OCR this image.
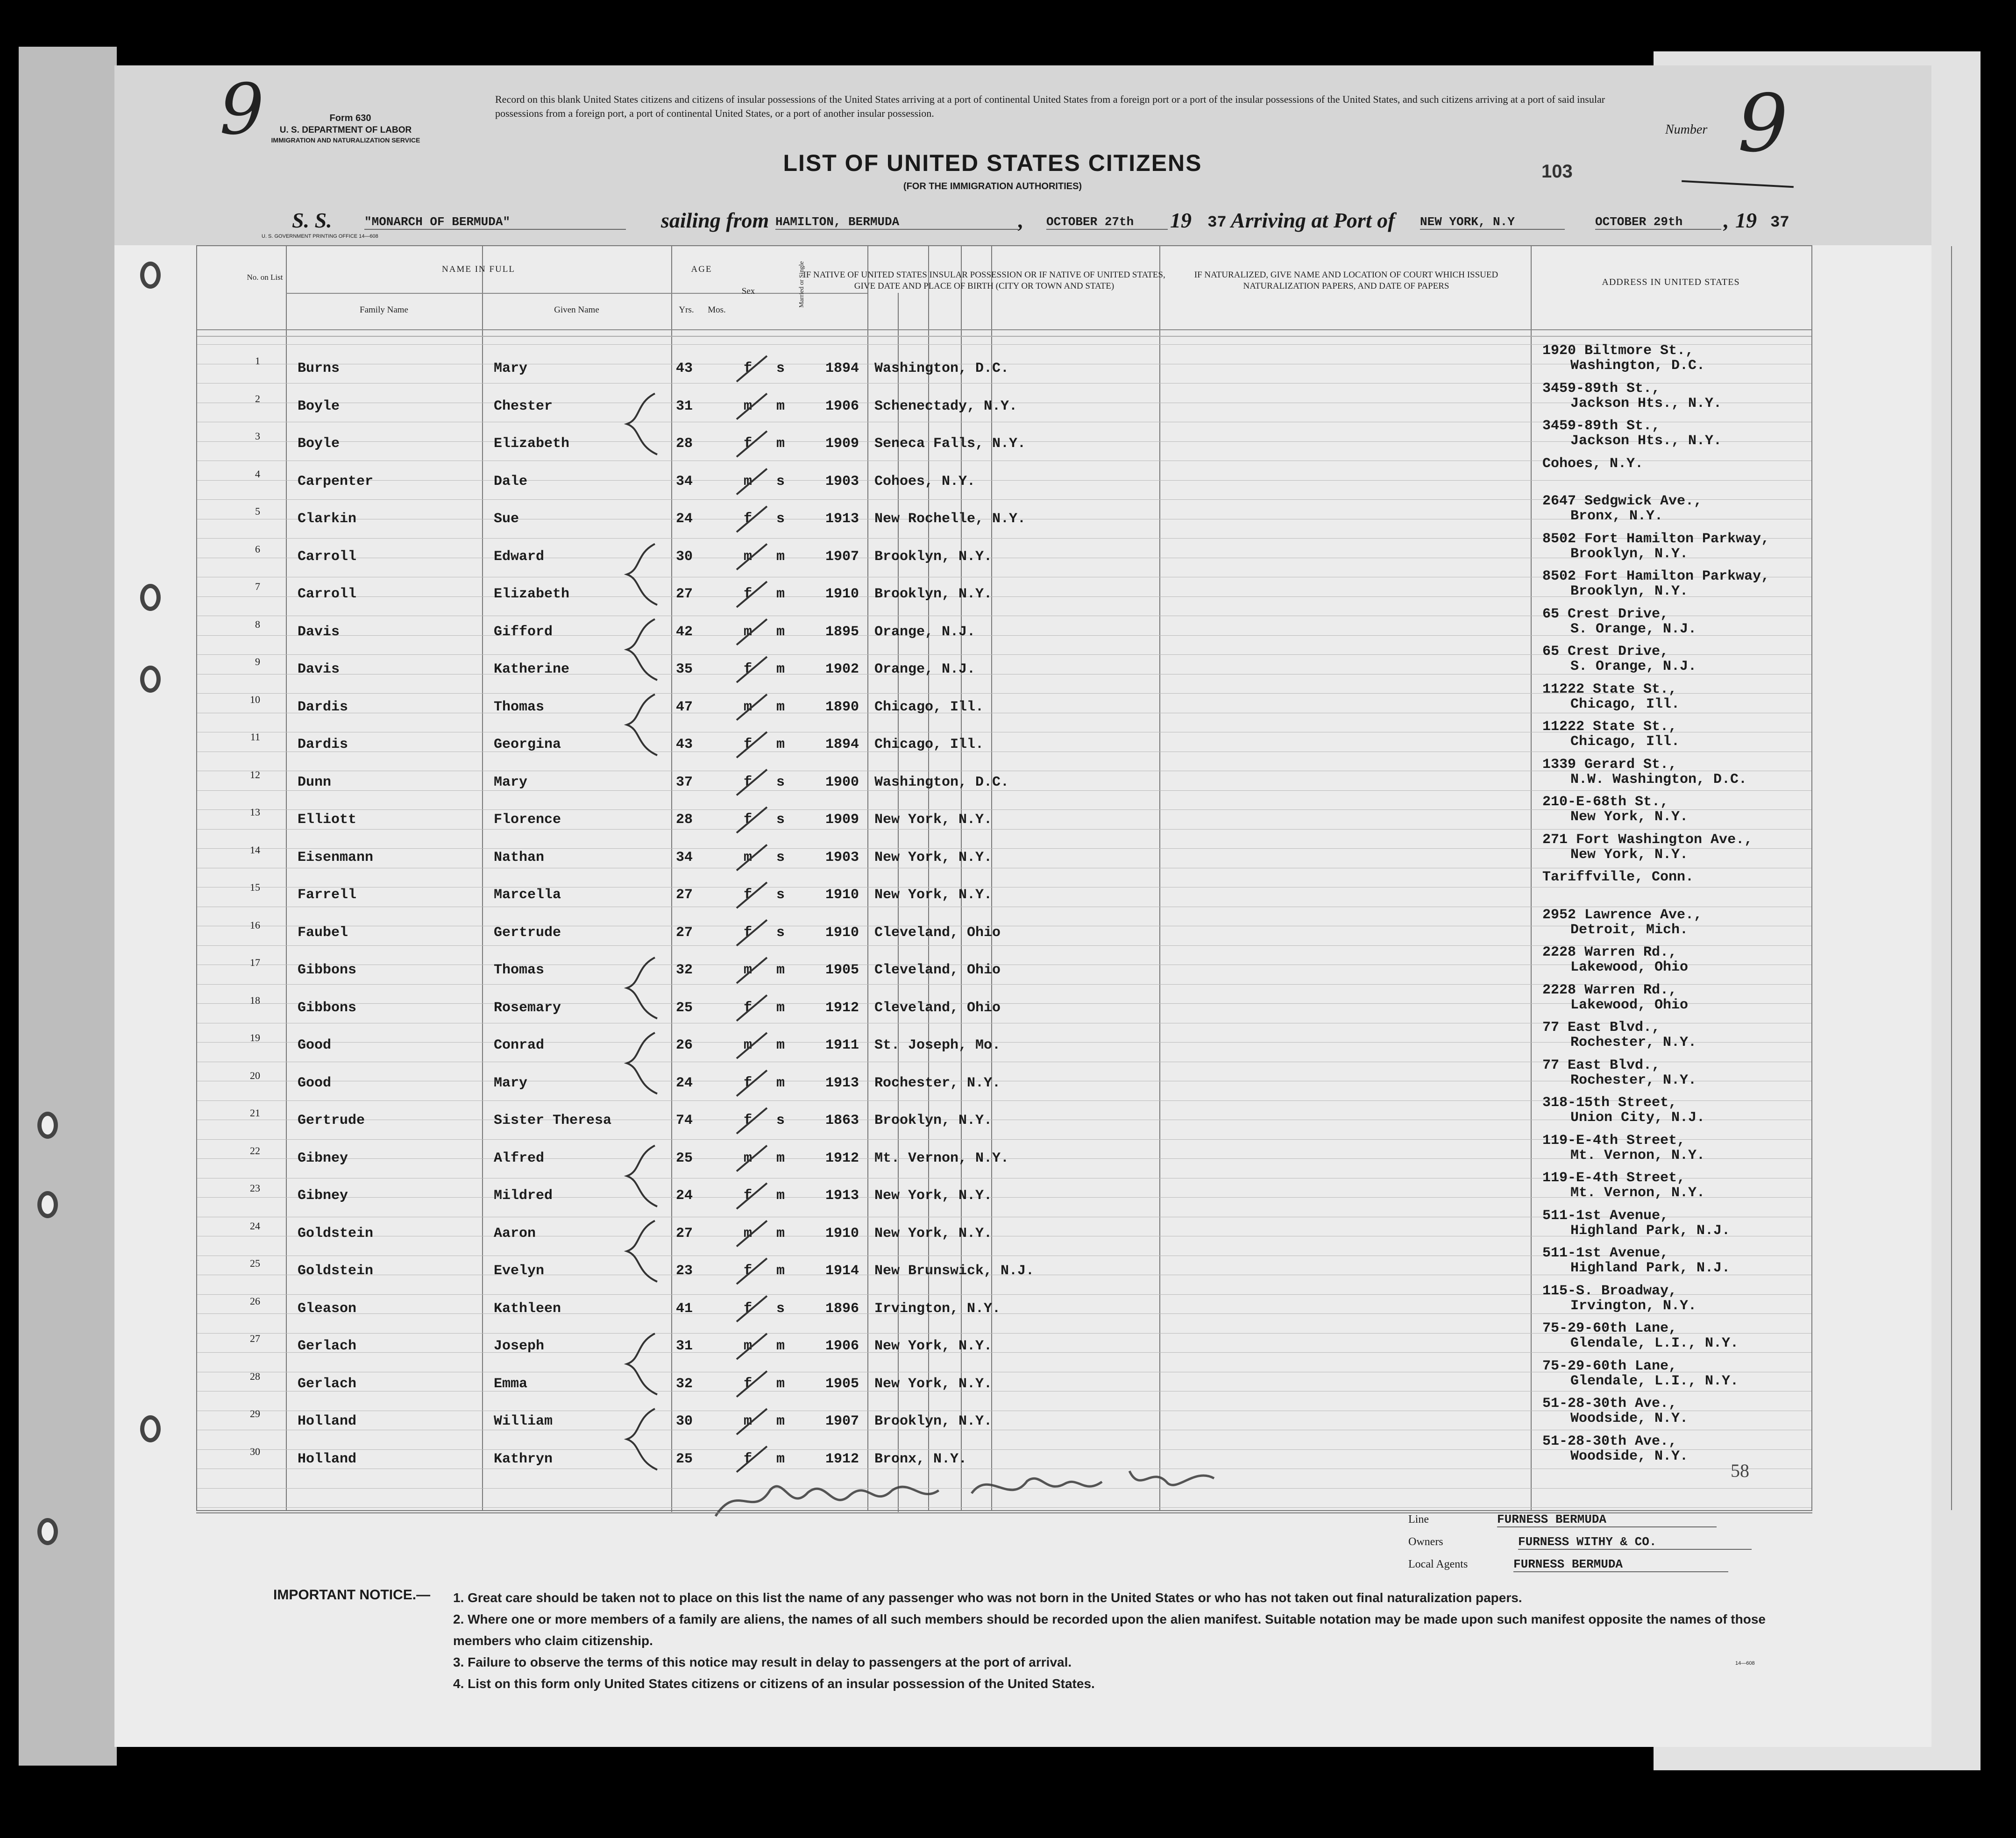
9	Form 630
U. S. DEPARTMENT OF LABOR
IMMIGRATION AND NATURALIZATION SERVICE
Record on this blank United States citizens and citizens of insular possessions of the United States arriving at a port of continental United States from a foreign port or a port of the insular possessions of the United States, and such citizens arriving at a port of said insular possessions from a foreign port, a port of continental United States, or a port of another insular possession.
LIST OF UNITED STATES CITIZENS
(FOR THE IMMIGRATION AUTHORITIES)
Number 9
103
S. S.	"MONARCH OF BERMUDA"	sailing from HAMILTON, BERMUDA	, OCTOBER 27th	19 37 Arriving at Port of NEW YORK, N.Y	OCTOBER 29th	, 19 37
U. S. GOVERNMENT PRINTING OFFICE 14—608
No. on List
NAME IN FULL
Family Name	Given Name
AGE
Yrs.	Mos.
Sex	Married or Single
IF NATIVE OF UNITED STATES INSULAR POSSESSION OR IF NATIVE OF UNITED STATES, GIVE DATE AND PLACE OF BIRTH (CITY OR TOWN AND STATE)
IF NATURALIZED, GIVE NAME AND LOCATION OF COURT WHICH ISSUED NATURALIZATION PAPERS, AND DATE OF PAPERS	ADDRESS IN UNITED STATES
1	Burns	Mary	43	f s	1894 Washington, D.C.
1920 Biltmore St.,
Washington, D.C.
2	Boyle	Chester	31	m m	1906 Schenectady, N.Y.
3459-89th St.,
Jackson Hts., N.Y.
3	Boyle	Elizabeth	28	f m	1909 Seneca Falls, N.Y.
3459-89th St.,
Jackson Hts., N.Y.
4	Carpenter	Dale	34	m s	1903 Cohoes, N.Y.
Cohoes, N.Y.
5	Clarkin	Sue	24	f s	1913 New Rochelle, N.Y.
2647 Sedgwick Ave.,
Bronx, N.Y.
6	Carroll	Edward	30	m m	1907 Brooklyn, N.Y.
8502 Fort Hamilton Parkway,
Brooklyn, N.Y.
7	Carroll	Elizabeth	27	f m	1910 Brooklyn, N.Y.
8502 Fort Hamilton Parkway,
Brooklyn, N.Y.
8	Davis	Gifford	42	m m	1895 Orange, N.J.
65 Crest Drive,
S. Orange, N.J.
9	Davis	Katherine	35	f m	1902 Orange, N.J.
65 Crest Drive,
S. Orange, N.J.
10	Dardis	Thomas	47	m m	1890 Chicago, Ill.
11222 State St.,
Chicago, Ill.
11	Dardis	Georgina	43	f m	1894 Chicago, Ill.
11222 State St.,
Chicago, Ill.
12	Dunn	Mary	37	f s	1900 Washington, D.C.
1339 Gerard St.,
N.W. Washington, D.C.
13	Elliott	Florence	28	f s	1909 New York, N.Y.
210-E-68th St.,
New York, N.Y.
14	Eisenmann	Nathan	34	m s	1903 New York, N.Y.
271 Fort Washington Ave.,
New York, N.Y.
15	Farrell	Marcella	27	f s	1910 New York, N.Y.
Tariffville, Conn.
16	Faubel	Gertrude	27	f s	1910 Cleveland, Ohio
2952 Lawrence Ave.,
Detroit, Mich.
17	Gibbons	Thomas	32	m m	1905 Cleveland, Ohio
2228 Warren Rd.,
Lakewood, Ohio
18	Gibbons	Rosemary	25	f m	1912 Cleveland, Ohio
2228 Warren Rd.,
Lakewood, Ohio
19	Good	Conrad	26	m m	1911 St. Joseph, Mo.
77 East Blvd.,
Rochester, N.Y.
20	Good	Mary	24	f m	1913 Rochester, N.Y.
77 East Blvd.,
Rochester, N.Y.
21	Gertrude	Sister Theresa	74	f s	1863 Brooklyn, N.Y.
318-15th Street,
Union City, N.J.
22	Gibney	Alfred	25	m m	1912 Mt. Vernon, N.Y.
119-E-4th Street,
Mt. Vernon, N.Y.
23	Gibney	Mildred	24	f m	1913 New York, N.Y.
119-E-4th Street,
Mt. Vernon, N.Y.
24	Goldstein	Aaron	27	m m	1910 New York, N.Y.
511-1st Avenue,
Highland Park, N.J.
25	Goldstein	Evelyn	23	f m	1914 New Brunswick, N.J.
511-1st Avenue,
Highland Park, N.J.
26	Gleason	Kathleen	41	f s	1896 Irvington, N.Y.
115-S. Broadway,
Irvington, N.Y.
27	Gerlach	Joseph	31	m m	1906 New York, N.Y.
75-29-60th Lane,
Glendale, L.I., N.Y.
28	Gerlach	Emma	32	f m	1905 New York, N.Y.
75-29-60th Lane,
Glendale, L.I., N.Y.
29	Holland	William	30	m m	1907 Brooklyn, N.Y.
51-28-30th Ave.,
Woodside, N.Y.
30	Holland	Kathryn	25	f m	1912 Bronx, N.Y.
51-28-30th Ave.,
Woodside, N.Y.
58
Line	FURNESS BERMUDA
Owners	FURNESS WITHY & CO.
Local Agents	FURNESS BERMUDA
IMPORTANT NOTICE.— 1. Great care should be taken not to place on this list the name of any passenger who was not born in the United States or who has not taken out final naturalization papers.
2. Where one or more members of a family are aliens, the names of all such members should be recorded upon the alien manifest. Suitable notation may be made upon such manifest opposite the names of those members who claim citizenship.
3. Failure to observe the terms of this notice may result in delay to passengers at the port of arrival.
4. List on this form only United States citizens or citizens of an insular possession of the United States.
14—608
